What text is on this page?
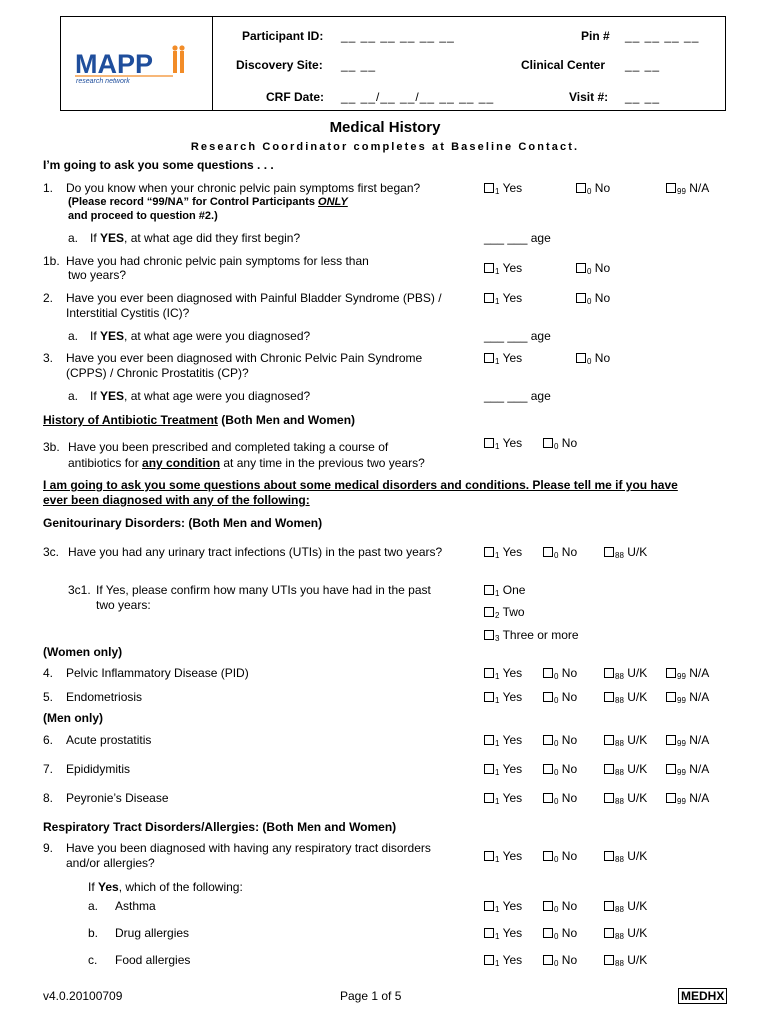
MAPP
research network
Participant ID: __ __ __ __ __ __	Pin # __ __ __ __
Discovery Site: __ __	Clinical Center __ __
CRF Date: __ __/__ __/__ __ __ __	Visit #: __ __
Medical History
Research Coordinator completes at Baseline Contact.
I’m going to ask you some questions . . .
1. Do you know when your chronic pelvic pain symptoms first began?
(Please record “99/NA” for Control Participants ONLY
and proceed to question #2.)
$_1$ Yes	$_0$ No	$_{99}$ N/A
a. If YES, at what age did they first begin?	___ ___ age
1b. Have you had chronic pelvic pain symptoms for less than
two years?	$_1$ Yes	$_0$ No
2. Have you ever been diagnosed with Painful Bladder Syndrome (PBS) /
Interstitial Cystitis (IC)?
$_1$ Yes	$_0$ No
a. If YES, at what age were you diagnosed?	___ ___ age
3. Have you ever been diagnosed with Chronic Pelvic Pain Syndrome
(CPPS) / Chronic Prostatitis (CP)?
$_1$ Yes	$_0$ No
a. If YES, at what age were you diagnosed?	___ ___ age
History of Antibiotic Treatment (Both Men and Women)
3b. Have you been prescribed and completed taking a course of
antibiotics for any condition at any time in the previous two years?
$_1$ Yes	$_0$ No
I am going to ask you some questions about some medical disorders and conditions. Please tell me if you have
ever been diagnosed with any of the following:
Genitourinary Disorders: (Both Men and Women)
3c. Have you had any urinary tract infections (UTIs) in the past two years?	$_1$ Yes	$_0$ No	$_{88}$ U/K
3c1. If Yes, please confirm how many UTIs you have had in the past
two years:
$_1$ One
$_2$ Two
$_3$ Three or more
(Women only)
4. Pelvic Inflammatory Disease (PID)	$_1$ Yes	$_0$ No	$_{88}$ U/K	$_{99}$ N/A
5. Endometriosis	$_1$ Yes	$_0$ No	$_{88}$ U/K	$_{99}$ N/A
(Men only)
6. Acute prostatitis	$_1$ Yes	$_0$ No	$_{88}$ U/K	$_{99}$ N/A
7. Epididymitis	$_1$ Yes	$_0$ No	$_{88}$ U/K	$_{99}$ N/A
8. Peyronie’s Disease	$_1$ Yes	$_0$ No	$_{88}$ U/K	$_{99}$ N/A
Respiratory Tract Disorders/Allergies: (Both Men and Women)
9. Have you been diagnosed with having any respiratory tract disorders
and/or allergies?	$_1$ Yes	$_0$ No	$_{88}$ U/K
If Yes, which of the following:
a. Asthma	$_1$ Yes	$_0$ No	$_{88}$ U/K
b. Drug allergies	$_1$ Yes	$_0$ No	$_{88}$ U/K
c. Food allergies	$_1$ Yes	$_0$ No	$_{88}$ U/K
v4.0.20100709	Page 1 of 5	MEDHX
